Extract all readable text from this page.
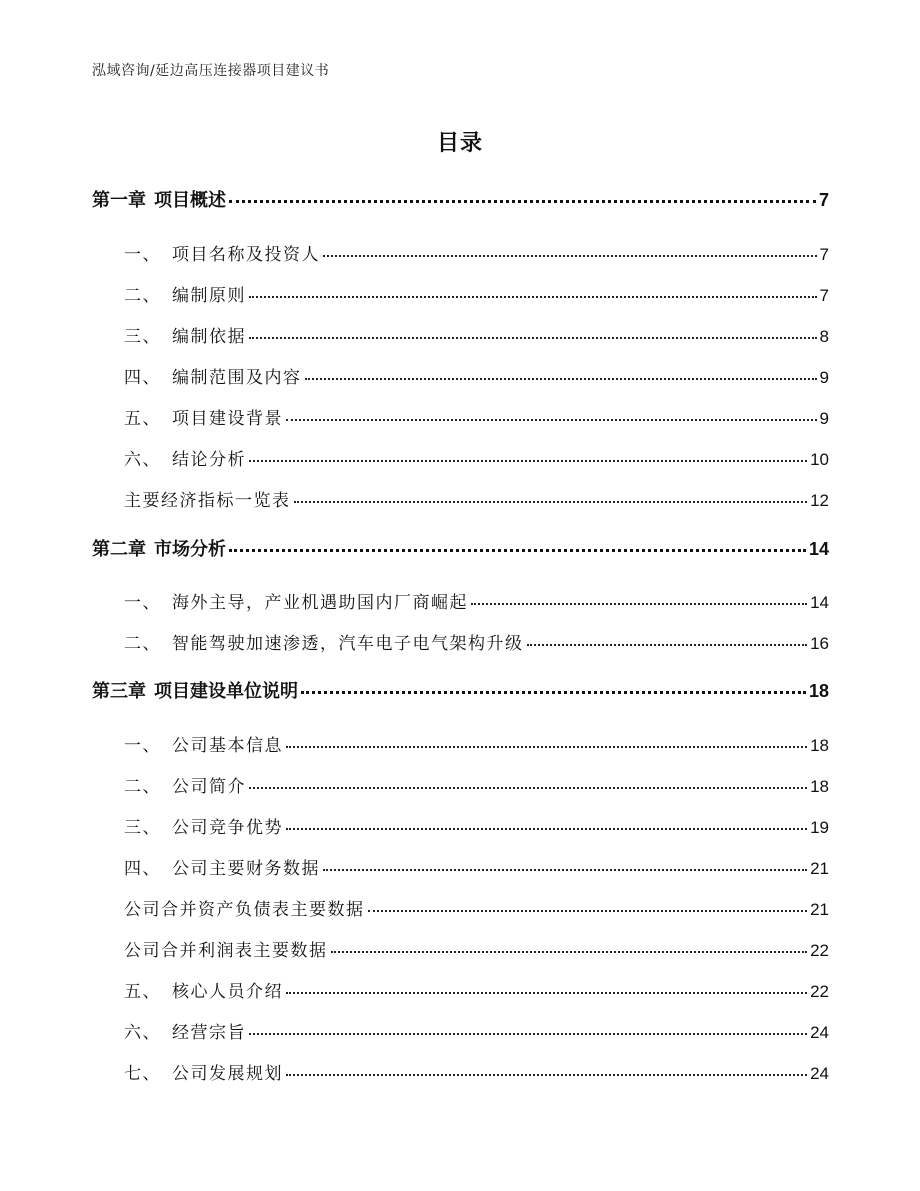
泓域咨询/延边高压连接器项目建议书
目录
第一章 项目概述	7
一、 项目名称及投资人	7
二、 编制原则	7
三、 编制依据	8
四、 编制范围及内容	9
五、 项目建设背景	9
六、 结论分析	10
主要经济指标一览表	12
第二章 市场分析	14
一、 海外主导，产业机遇助国内厂商崛起	14
二、 智能驾驶加速渗透，汽车电子电气架构升级	16
第三章 项目建设单位说明	18
一、 公司基本信息	18
二、 公司简介	18
三、 公司竞争优势	19
四、 公司主要财务数据	21
公司合并资产负债表主要数据	21
公司合并利润表主要数据	22
五、 核心人员介绍	22
六、 经营宗旨	24
七、 公司发展规划	24
